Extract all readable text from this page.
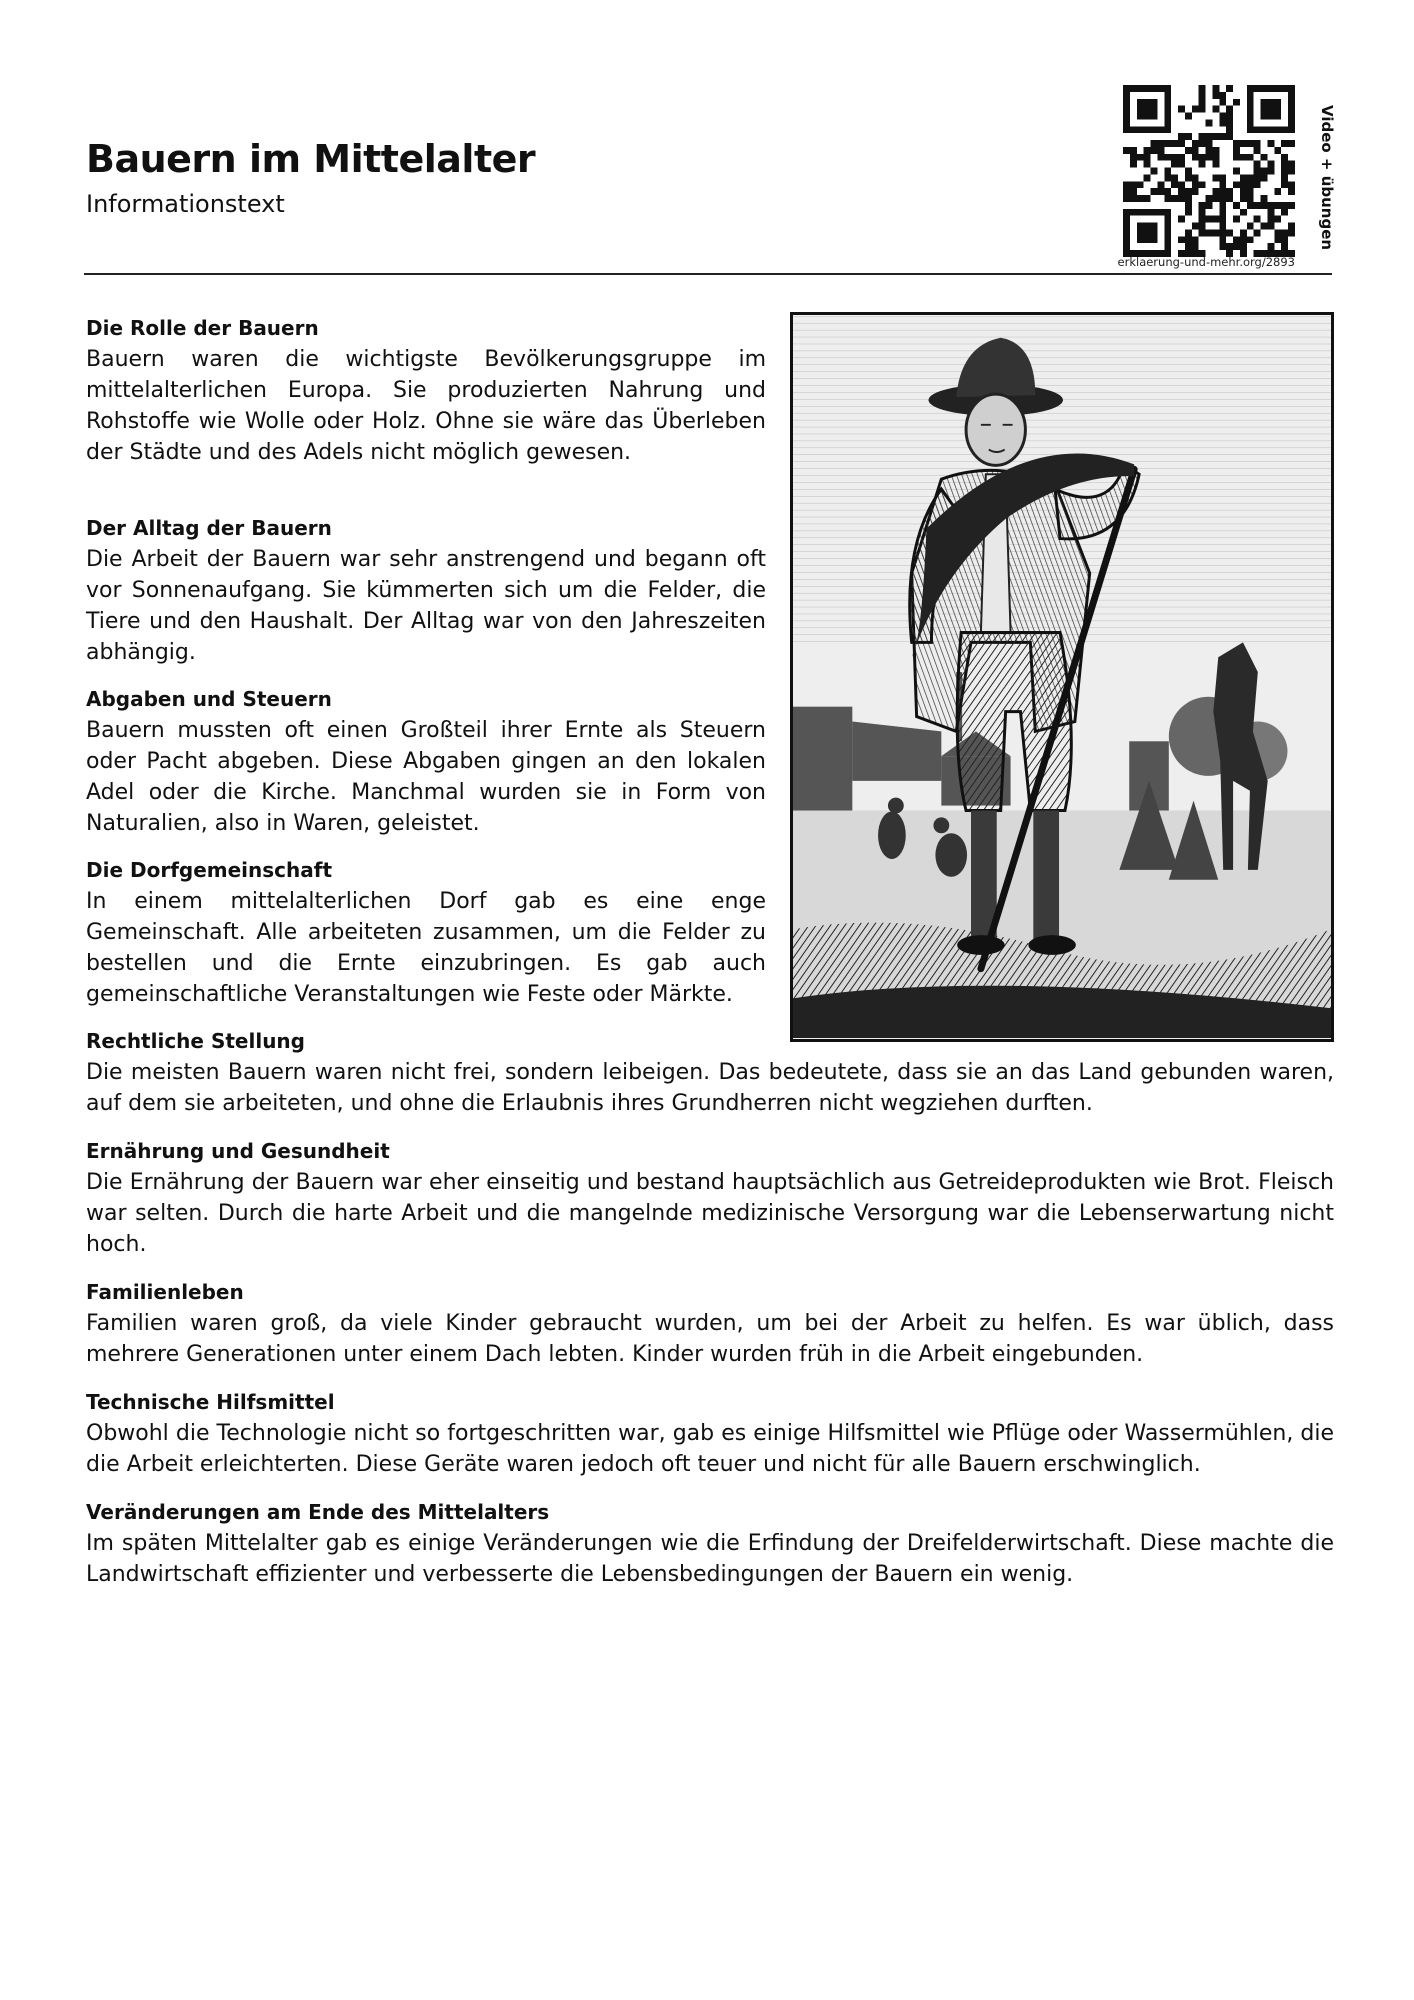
Bauern im Mittelalter
Informationstext
erklaerung-und-mehr.org/2893
Video + übungen
Die Rolle der Bauern

Bauern waren die wichtigste Bevölkerungsgruppe im mittelalterlichen Europa. Sie produzierten Nahrung und Rohstoffe wie Wolle oder Holz. Ohne sie wäre das Überleben der Städte und des Adels nicht möglich gewesen.

Der Alltag der Bauern

Die Arbeit der Bauern war sehr anstrengend und begann oft vor Sonnenaufgang. Sie kümmerten sich um die Felder, die Tiere und den Haushalt. Der Alltag war von den Jahreszeiten abhängig.

Abgaben und Steuern

Bauern mussten oft einen Großteil ihrer Ernte als Steuern oder Pacht abgeben. Diese Abgaben gingen an den lokalen Adel oder die Kirche. Manchmal wurden sie in Form von Naturalien, also in Waren, geleistet.

Die Dorfgemeinschaft

In einem mittelalterlichen Dorf gab es eine enge Gemeinschaft. Alle arbeiteten zusammen, um die Felder zu bestellen und die Ernte einzubringen. Es gab auch gemeinschaftliche Veranstaltungen wie Feste oder Märkte.

Rechtliche Stellung

Die meisten Bauern waren nicht frei, sondern leibeigen. Das bedeutete, dass sie an das Land gebunden waren, auf dem sie arbeiteten, und ohne die Erlaubnis ihres Grundherren nicht wegziehen durften.

Ernährung und Gesundheit

Die Ernährung der Bauern war eher einseitig und bestand hauptsächlich aus Getreideprodukten wie Brot. Fleisch war selten. Durch die harte Arbeit und die mangelnde medizinische Versorgung war die Lebenserwartung nicht hoch.

Familienleben

Familien waren groß, da viele Kinder gebraucht wurden, um bei der Arbeit zu helfen. Es war üblich, dass mehrere Generationen unter einem Dach lebten. Kinder wurden früh in die Arbeit eingebunden.

Technische Hilfsmittel

Obwohl die Technologie nicht so fortgeschritten war, gab es einige Hilfsmittel wie Pflüge oder Wassermühlen, die die Arbeit erleichterten. Diese Geräte waren jedoch oft teuer und nicht für alle Bauern erschwinglich.

Veränderungen am Ende des Mittelalters

Im späten Mittelalter gab es einige Veränderungen wie die Erfindung der Dreifelderwirtschaft. Diese machte die Landwirtschaft effizienter und verbesserte die Lebensbedingungen der Bauern ein wenig.
